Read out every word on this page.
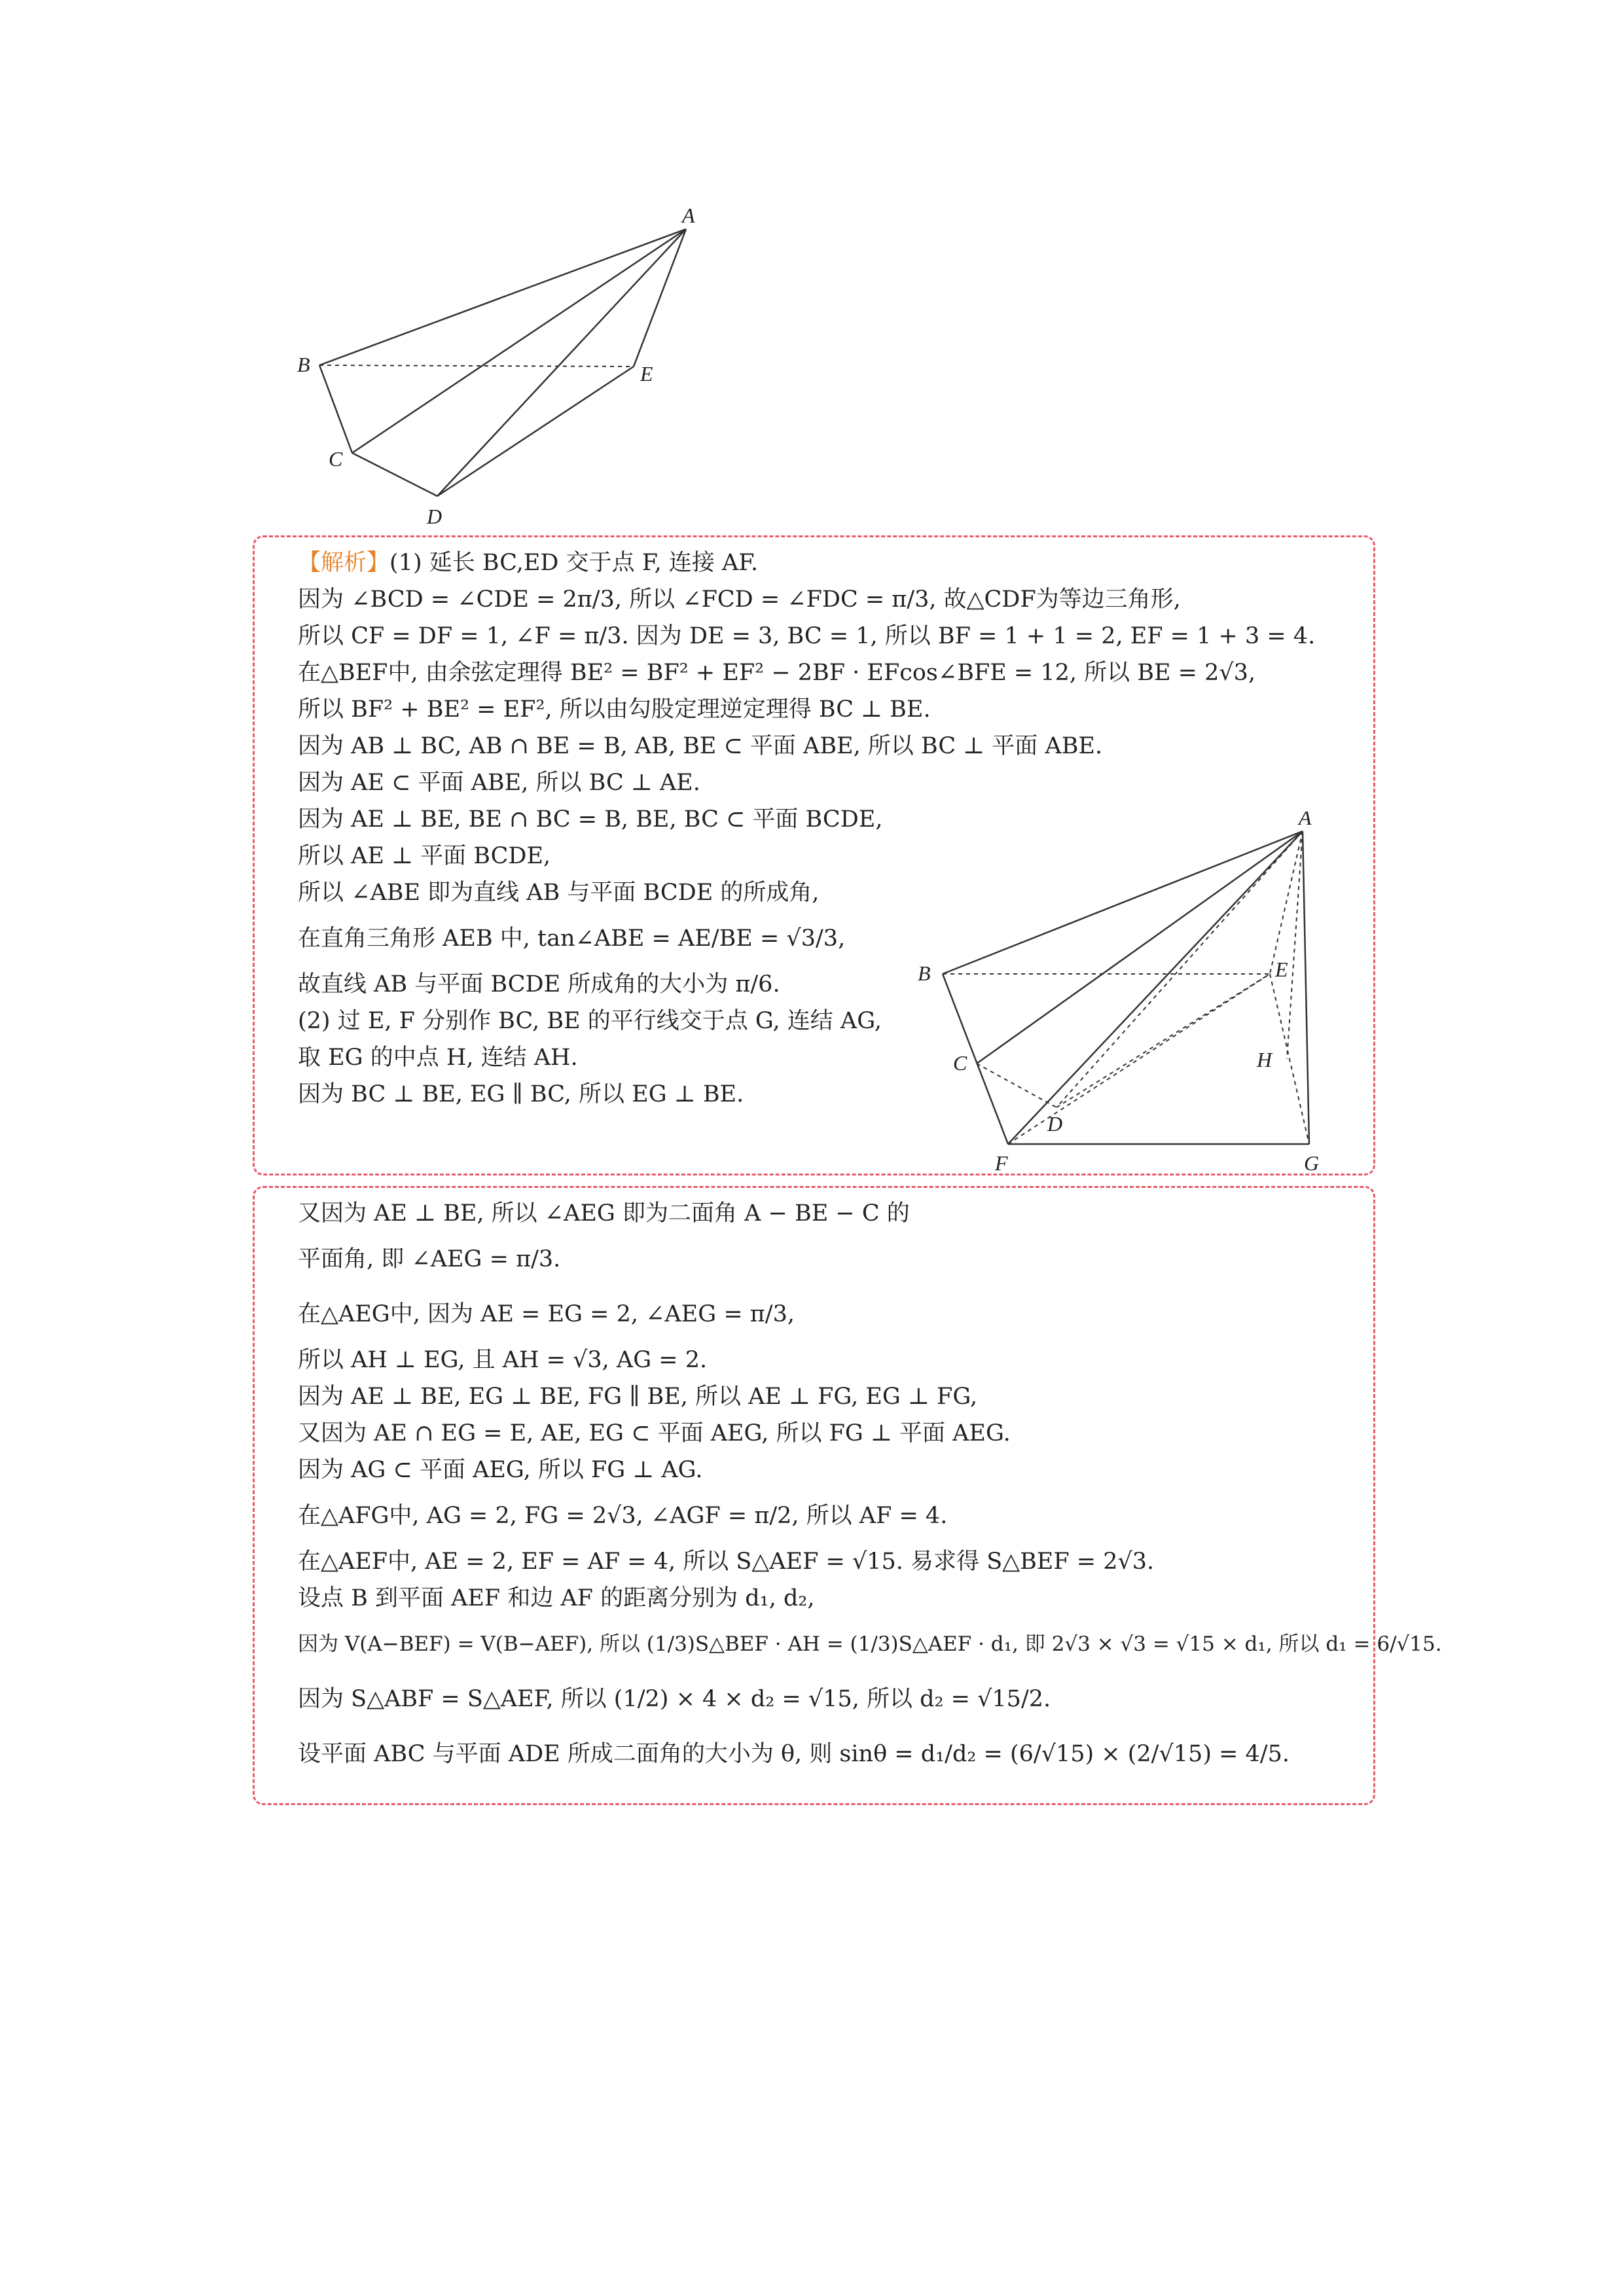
A
B
C
D
E
【解析】(1) 延长 BC,ED 交于点 F, 连接 AF.
因为 ∠BCD = ∠CDE = 2π/3, 所以 ∠FCD = ∠FDC = π/3, 故△CDF为等边三角形,
所以 CF = DF = 1, ∠F = π/3. 因为 DE = 3, BC = 1, 所以 BF = 1 + 1 = 2, EF = 1 + 3 = 4.
在△BEF中, 由余弦定理得 BE² = BF² + EF² − 2BF · EFcos∠BFE = 12, 所以 BE = 2√3,
所以 BF² + BE² = EF², 所以由勾股定理逆定理得 BC ⊥ BE.
因为 AB ⊥ BC, AB ∩ BE = B, AB, BE ⊂ 平面 ABE, 所以 BC ⊥ 平面 ABE.
因为 AE ⊂ 平面 ABE, 所以 BC ⊥ AE.
因为 AE ⊥ BE, BE ∩ BC = B, BE, BC ⊂ 平面 BCDE,
所以 AE ⊥ 平面 BCDE,
所以 ∠ABE 即为直线 AB 与平面 BCDE 的所成角,
在直角三角形 AEB 中, tan∠ABE = AE/BE = √3/3,
故直线 AB 与平面 BCDE 所成角的大小为 π/6.
(2) 过 E, F 分别作 BC, BE 的平行线交于点 G, 连结 AG,
取 EG 的中点 H, 连结 AH.
因为 BC ⊥ BE, EG ∥ BC, 所以 EG ⊥ BE.
A
B
C
D
E
F	G
H
又因为 AE ⊥ BE, 所以 ∠AEG 即为二面角 A − BE − C 的
平面角, 即 ∠AEG = π/3.
在△AEG中, 因为 AE = EG = 2, ∠AEG = π/3,
所以 AH ⊥ EG, 且 AH = √3, AG = 2.
因为 AE ⊥ BE, EG ⊥ BE, FG ∥ BE, 所以 AE ⊥ FG, EG ⊥ FG,
又因为 AE ∩ EG = E, AE, EG ⊂ 平面 AEG, 所以 FG ⊥ 平面 AEG.
因为 AG ⊂ 平面 AEG, 所以 FG ⊥ AG.
在△AFG中, AG = 2, FG = 2√3, ∠AGF = π/2, 所以 AF = 4.
在△AEF中, AE = 2, EF = AF = 4, 所以 S△AEF = √15. 易求得 S△BEF = 2√3.
设点 B 到平面 AEF 和边 AF 的距离分别为 d₁, d₂,
因为 V(A−BEF) = V(B−AEF), 所以 (1/3)S△BEF · AH = (1/3)S△AEF · d₁, 即 2√3 × √3 = √15 × d₁, 所以 d₁ = 6/√15.
因为 S△ABF = S△AEF, 所以 (1/2) × 4 × d₂ = √15, 所以 d₂ = √15/2.
设平面 ABC 与平面 ADE 所成二面角的大小为 θ, 则 sinθ = d₁/d₂ = (6/√15) × (2/√15) = 4/5.
